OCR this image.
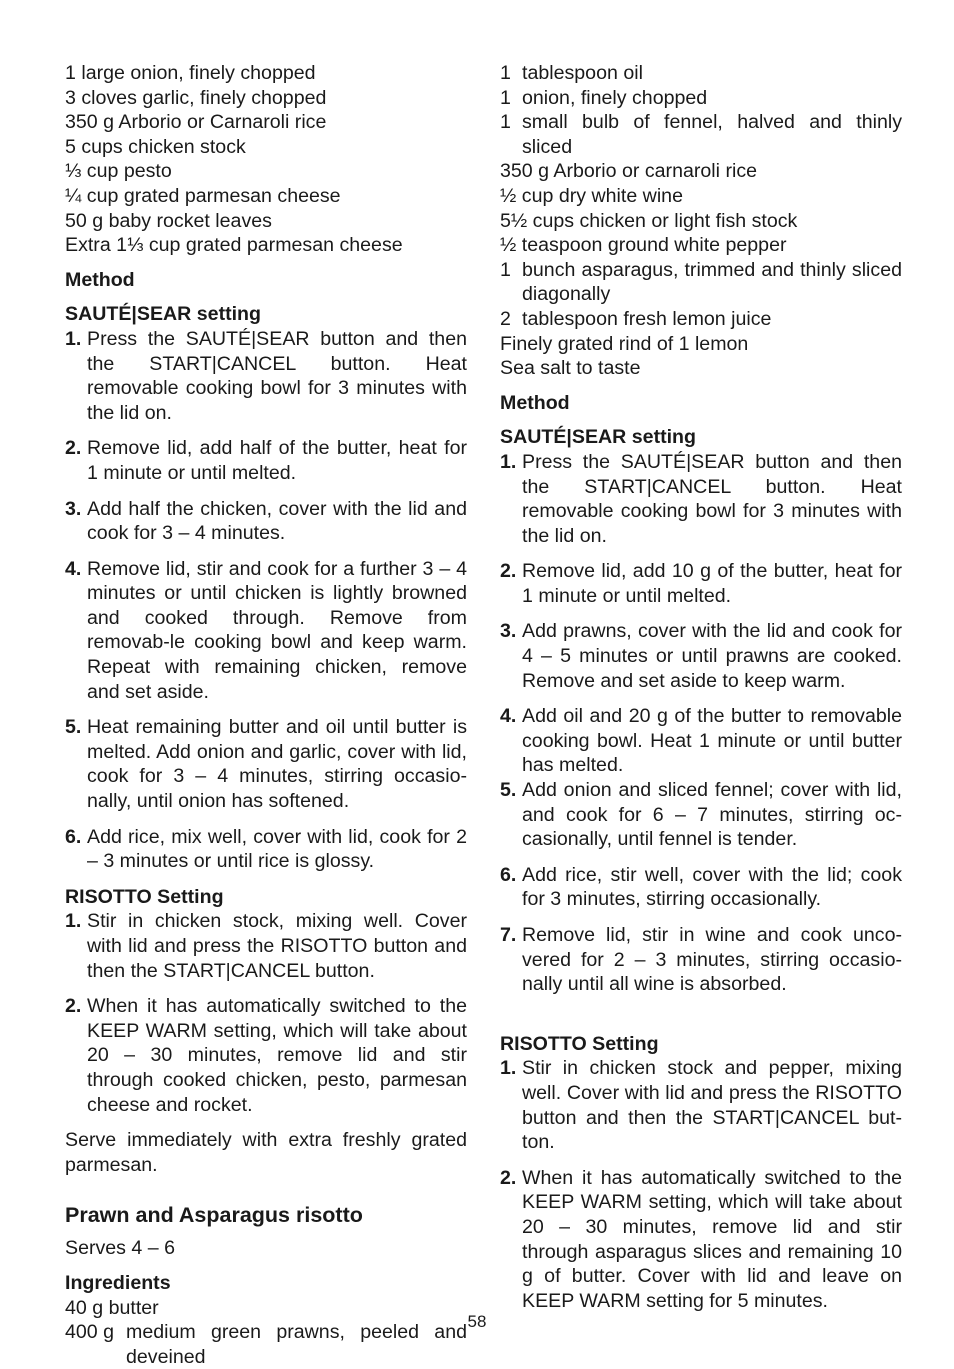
1 large onion, finely chopped
3 cloves garlic, finely chopped
350 g Arborio or Carnaroli rice
5 cups chicken stock
⅓ cup pesto
¼ cup grated parmesan cheese
50 g baby rocket leaves
Extra 1⅓ cup grated parmesan cheese
Method
SAUTÉ|SEAR setting
1. Press the SAUTÉ|SEAR button and then the START|CANCEL button. Heat removable cooking bowl for 3 minutes with the lid on.
2. Remove lid, add half of the butter, heat for 1 minute or until melted.
3. Add half the chicken, cover with the lid and cook for 3 – 4 minutes.
4. Remove lid, stir and cook for a further 3 – 4 minutes or until chicken is lightly browned and cooked through. Remove from removab-le cooking bowl and keep warm. Repeat with remaining chicken, remove and set aside.
5. Heat remaining butter and oil until butter is melted. Add onion and garlic, cover with lid, cook for 3 – 4 minutes, stirring occasio-nally, until onion has softened.
6. Add rice, mix well, cover with lid, cook for 2 – 3 minutes or until rice is glossy.
RISOTTO Setting
1. Stir in chicken stock, mixing well. Cover with lid and press the RISOTTO button and then the START|CANCEL button.
2. When it has automatically switched to the KEEP WARM setting, which will take about 20 – 30 minutes, remove lid and stir through cooked chicken, pesto, parmesan cheese and rocket.
Serve immediately with extra freshly grated parmesan.
Prawn and Asparagus risotto
Serves 4 – 6
Ingredients
40 g butter
400 g medium green prawns, peeled and deveined
1 tablespoon oil
1 onion, finely chopped
1 small bulb of fennel, halved and thinly sliced
350 g Arborio or carnaroli rice
½ cup dry white wine
5½ cups chicken or light fish stock
½ teaspoon ground white pepper
1 bunch asparagus, trimmed and thinly sliced diagonally
2 tablespoon fresh lemon juice
Finely grated rind of 1 lemon
Sea salt to taste
Method
SAUTÉ|SEAR setting
1. Press the SAUTÉ|SEAR button and then the START|CANCEL button. Heat removable cooking bowl for 3 minutes with the lid on.
2. Remove lid, add 10 g of the butter, heat for 1 minute or until melted.
3. Add prawns, cover with the lid and cook for 4 – 5 minutes or until prawns are cooked. Remove and set aside to keep warm.
4. Add oil and 20 g of the butter to removable cooking bowl. Heat 1 minute or until butter has melted.
5. Add onion and sliced fennel; cover with lid, and cook for 6 – 7 minutes, stirring oc-casionally, until fennel is tender.
6. Add rice, stir well, cover with the lid; cook for 3 minutes, stirring occasionally.
7. Remove lid, stir in wine and cook unco-vered for 2 – 3 minutes, stirring occasio-nally until all wine is absorbed.
RISOTTO Setting
1. Stir in chicken stock and pepper, mixing well. Cover with lid and press the RISOTTO button and then the START|CANCEL but-ton.
2. When it has automatically switched to the KEEP WARM setting, which will take about 20 – 30 minutes, remove lid and stir through asparagus slices and remaining 10 g of butter. Cover with lid and leave on KEEP WARM setting for 5 minutes.
58
